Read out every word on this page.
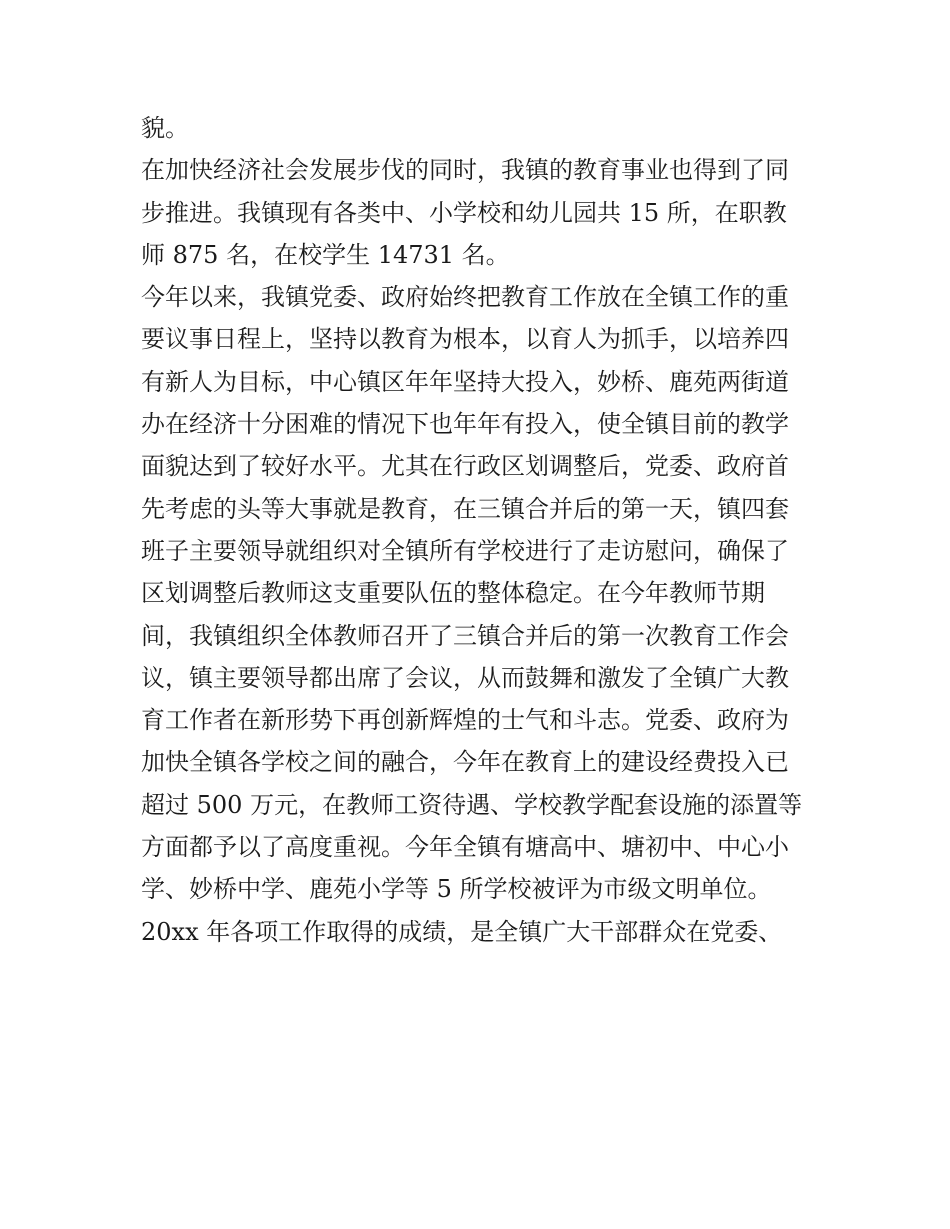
貌。
在加快经济社会发展步伐的同时，我镇的教育事业也得到了同
步推进。我镇现有各类中、小学校和幼儿园共 15 所，在职教
师 875 名，在校学生 14731 名。
今年以来，我镇党委、政府始终把教育工作放在全镇工作的重
要议事日程上，坚持以教育为根本，以育人为抓手，以培养四
有新人为目标，中心镇区年年坚持大投入，妙桥、鹿苑两街道
办在经济十分困难的情况下也年年有投入，使全镇目前的教学
面貌达到了较好水平。尤其在行政区划调整后，党委、政府首
先考虑的头等大事就是教育，在三镇合并后的第一天，镇四套
班子主要领导就组织对全镇所有学校进行了走访慰问，确保了
区划调整后教师这支重要队伍的整体稳定。在今年教师节期
间，我镇组织全体教师召开了三镇合并后的第一次教育工作会
议，镇主要领导都出席了会议，从而鼓舞和激发了全镇广大教
育工作者在新形势下再创新辉煌的士气和斗志。党委、政府为
加快全镇各学校之间的融合，今年在教育上的建设经费投入已
超过 500 万元，在教师工资待遇、学校教学配套设施的添置等
方面都予以了高度重视。今年全镇有塘高中、塘初中、中心小
学、妙桥中学、鹿苑小学等 5 所学校被评为市级文明单位。
20xx 年各项工作取得的成绩，是全镇广大干部群众在党委、
